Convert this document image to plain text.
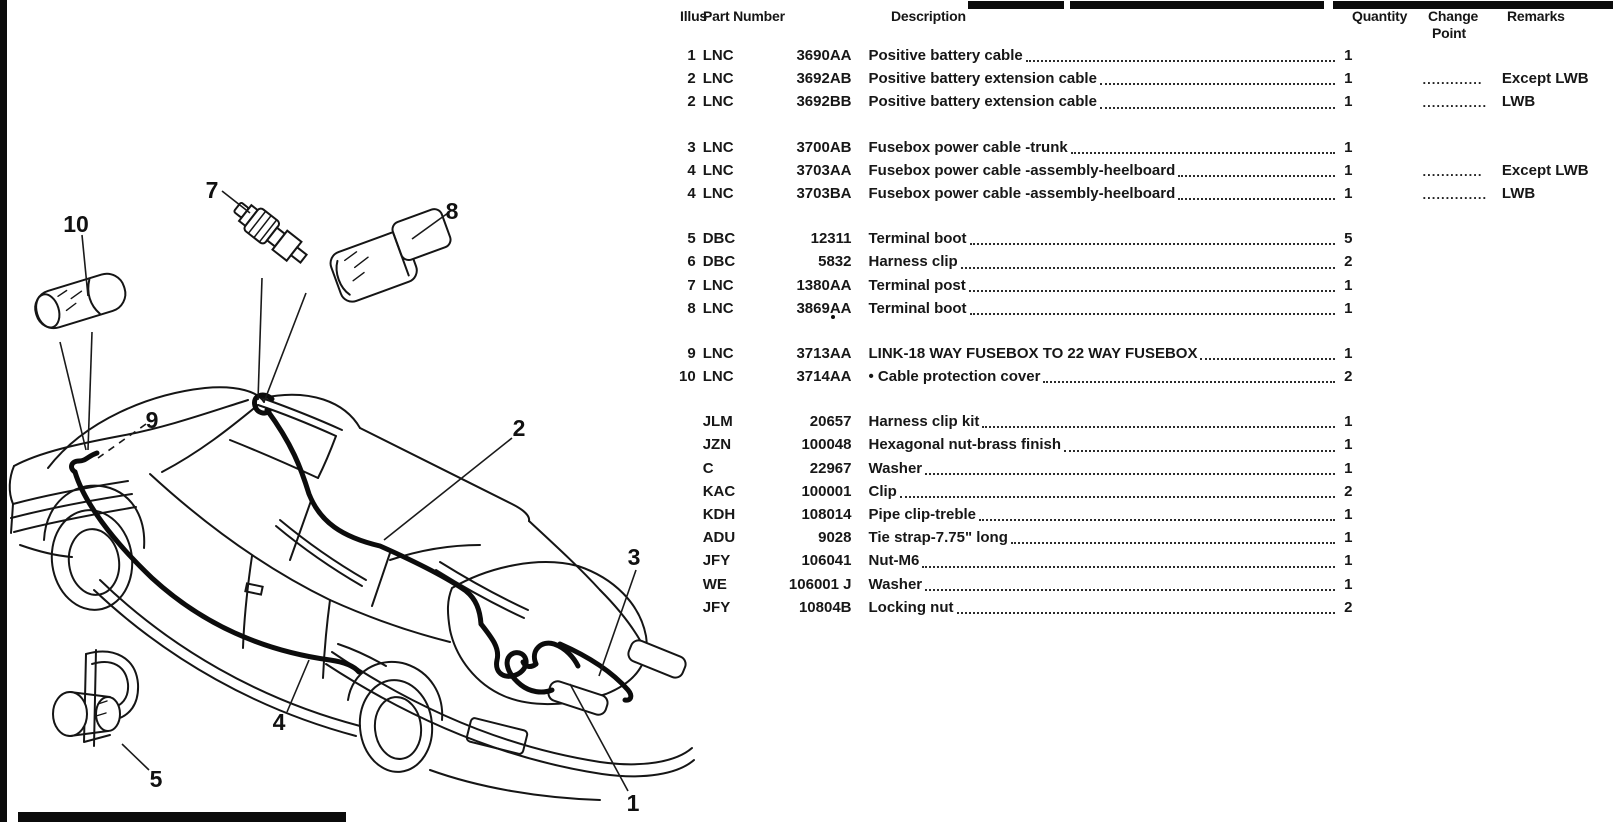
1
2
3
4
5
7
8
9
10
Illus
Part Number	Description	Quantity Change
Point
Remarks
1 LNC	3690AA Positive battery cable	1
2 LNC	3692AB Positive battery extension cable	1	.............	Except LWB
2 LNC	3692BB Positive battery extension cable	1	.............. LWB
3 LNC	3700AB Fusebox power cable -trunk	1
4 LNC	3703AA Fusebox power cable -assembly-heelboard	1	.............	Except LWB
4 LNC	3703BA Fusebox power cable -assembly-heelboard	1	.............. LWB
5 DBC	12311 Terminal boot	5
6 DBC	5832 Harness clip	2
7 LNC	1380AA Terminal post	1
8 LNC	3869AA Terminal boot	1
9 LNC	3713AA LINK-18 WAY FUSEBOX TO 22 WAY FUSEBOX	1
10 LNC	3714AA • Cable protection cover	2
JLM	20657 Harness clip kit	1
JZN	100048 Hexagonal nut-brass finish	1
C	22967 Washer	1
KAC	100001 Clip	2
KDH	108014 Pipe clip-treble	1
ADU	9028 Tie strap-7.75" long	1
JFY	106041 Nut-M6	1
WE	106001 J Washer	1
JFY	10804B Locking nut	2
